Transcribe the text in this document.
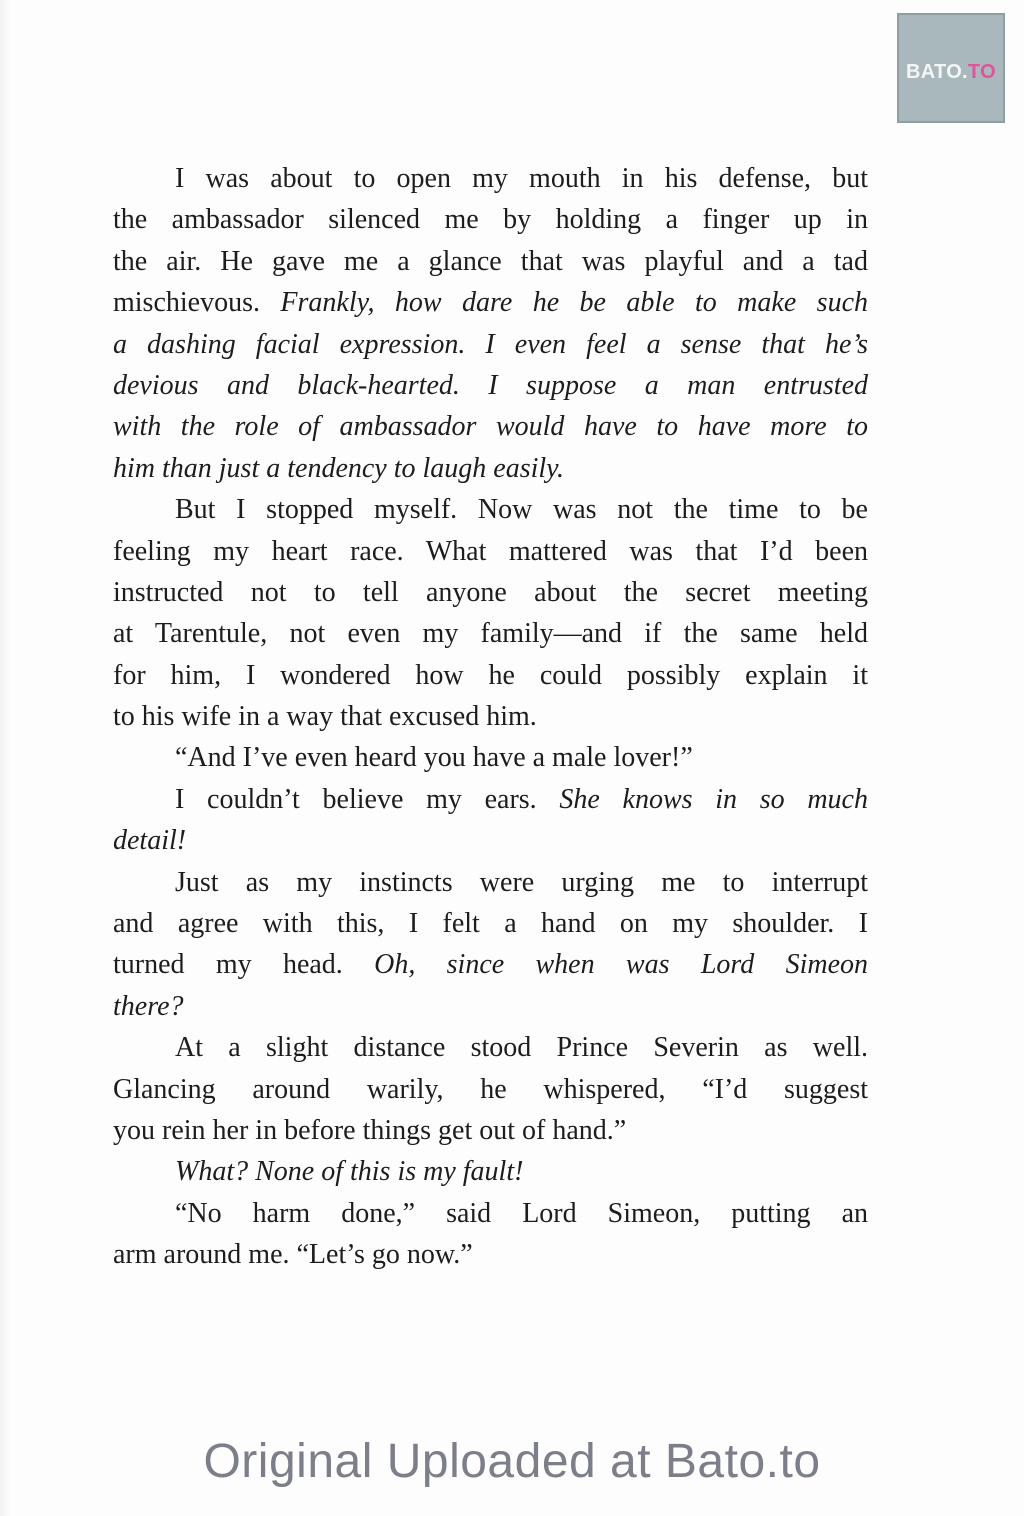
BATO.TO
I was about to open my mouth in his defense, but
the ambassador silenced me by holding a finger up in
the air. He gave me a glance that was playful and a tad
mischievous. Frankly, how dare he be able to make such
a dashing facial expression. I even feel a sense that he’s
devious and black-hearted. I suppose a man entrusted
with the role of ambassador would have to have more to
him than just a tendency to laugh easily.
But I stopped myself. Now was not the time to be
feeling my heart race. What mattered was that I’d been
instructed not to tell anyone about the secret meeting
at Tarentule, not even my family—and if the same held
for him, I wondered how he could possibly explain it
to his wife in a way that excused him.
“And I’ve even heard you have a male lover!”
I couldn’t believe my ears. She knows in so much
detail!
Just as my instincts were urging me to interrupt
and agree with this, I felt a hand on my shoulder. I
turned my head. Oh, since when was Lord Simeon
there?
At a slight distance stood Prince Severin as well.
Glancing around warily, he whispered, “I’d suggest
you rein her in before things get out of hand.”
What? None of this is my fault!
“No harm done,” said Lord Simeon, putting an
arm around me. “Let’s go now.”
Original Uploaded at Bato.to
